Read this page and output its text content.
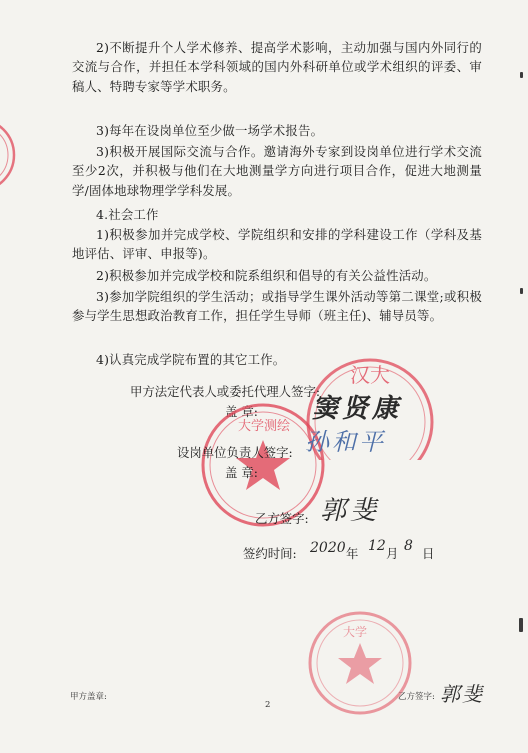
2)不断提升个人学术修养、提高学术影响，主动加强与国内外同行的交流与合作，并担任本学科领域的国内外科研单位或学术组织的评委、审稿人、特聘专家等学术职务。
3)每年在设岗单位至少做一场学术报告。
3)积极开展国际交流与合作。邀请海外专家到设岗单位进行学术交流至少2次，并积极与他们在大地测量学方向进行项目合作，促进大地测量学/固体地球物理学学科发展。
4.社会工作
1)积极参加并完成学校、学院组织和安排的学科建设工作（学科及基地评估、评审、申报等)。
2)积极参加并完成学校和院系组织和倡导的有关公益性活动。
3)参加学院组织的学生活动；或指导学生课外活动等第二课堂;或积极参与学生思想政治教育工作，担任学生导师（班主任)、辅导员等。
4)认真完成学院布置的其它工作。
汉大
甲方法定代表人或委托代理人签字:
盖 章: 窦贤康
大学测绘
设岗单位负责人签字:
盖 章:
孙和平
乙方签字: 郭斐
签约时间: 2020 年 12 月 8 日
大学
甲方盖章:
2
乙方签字: 郭斐
